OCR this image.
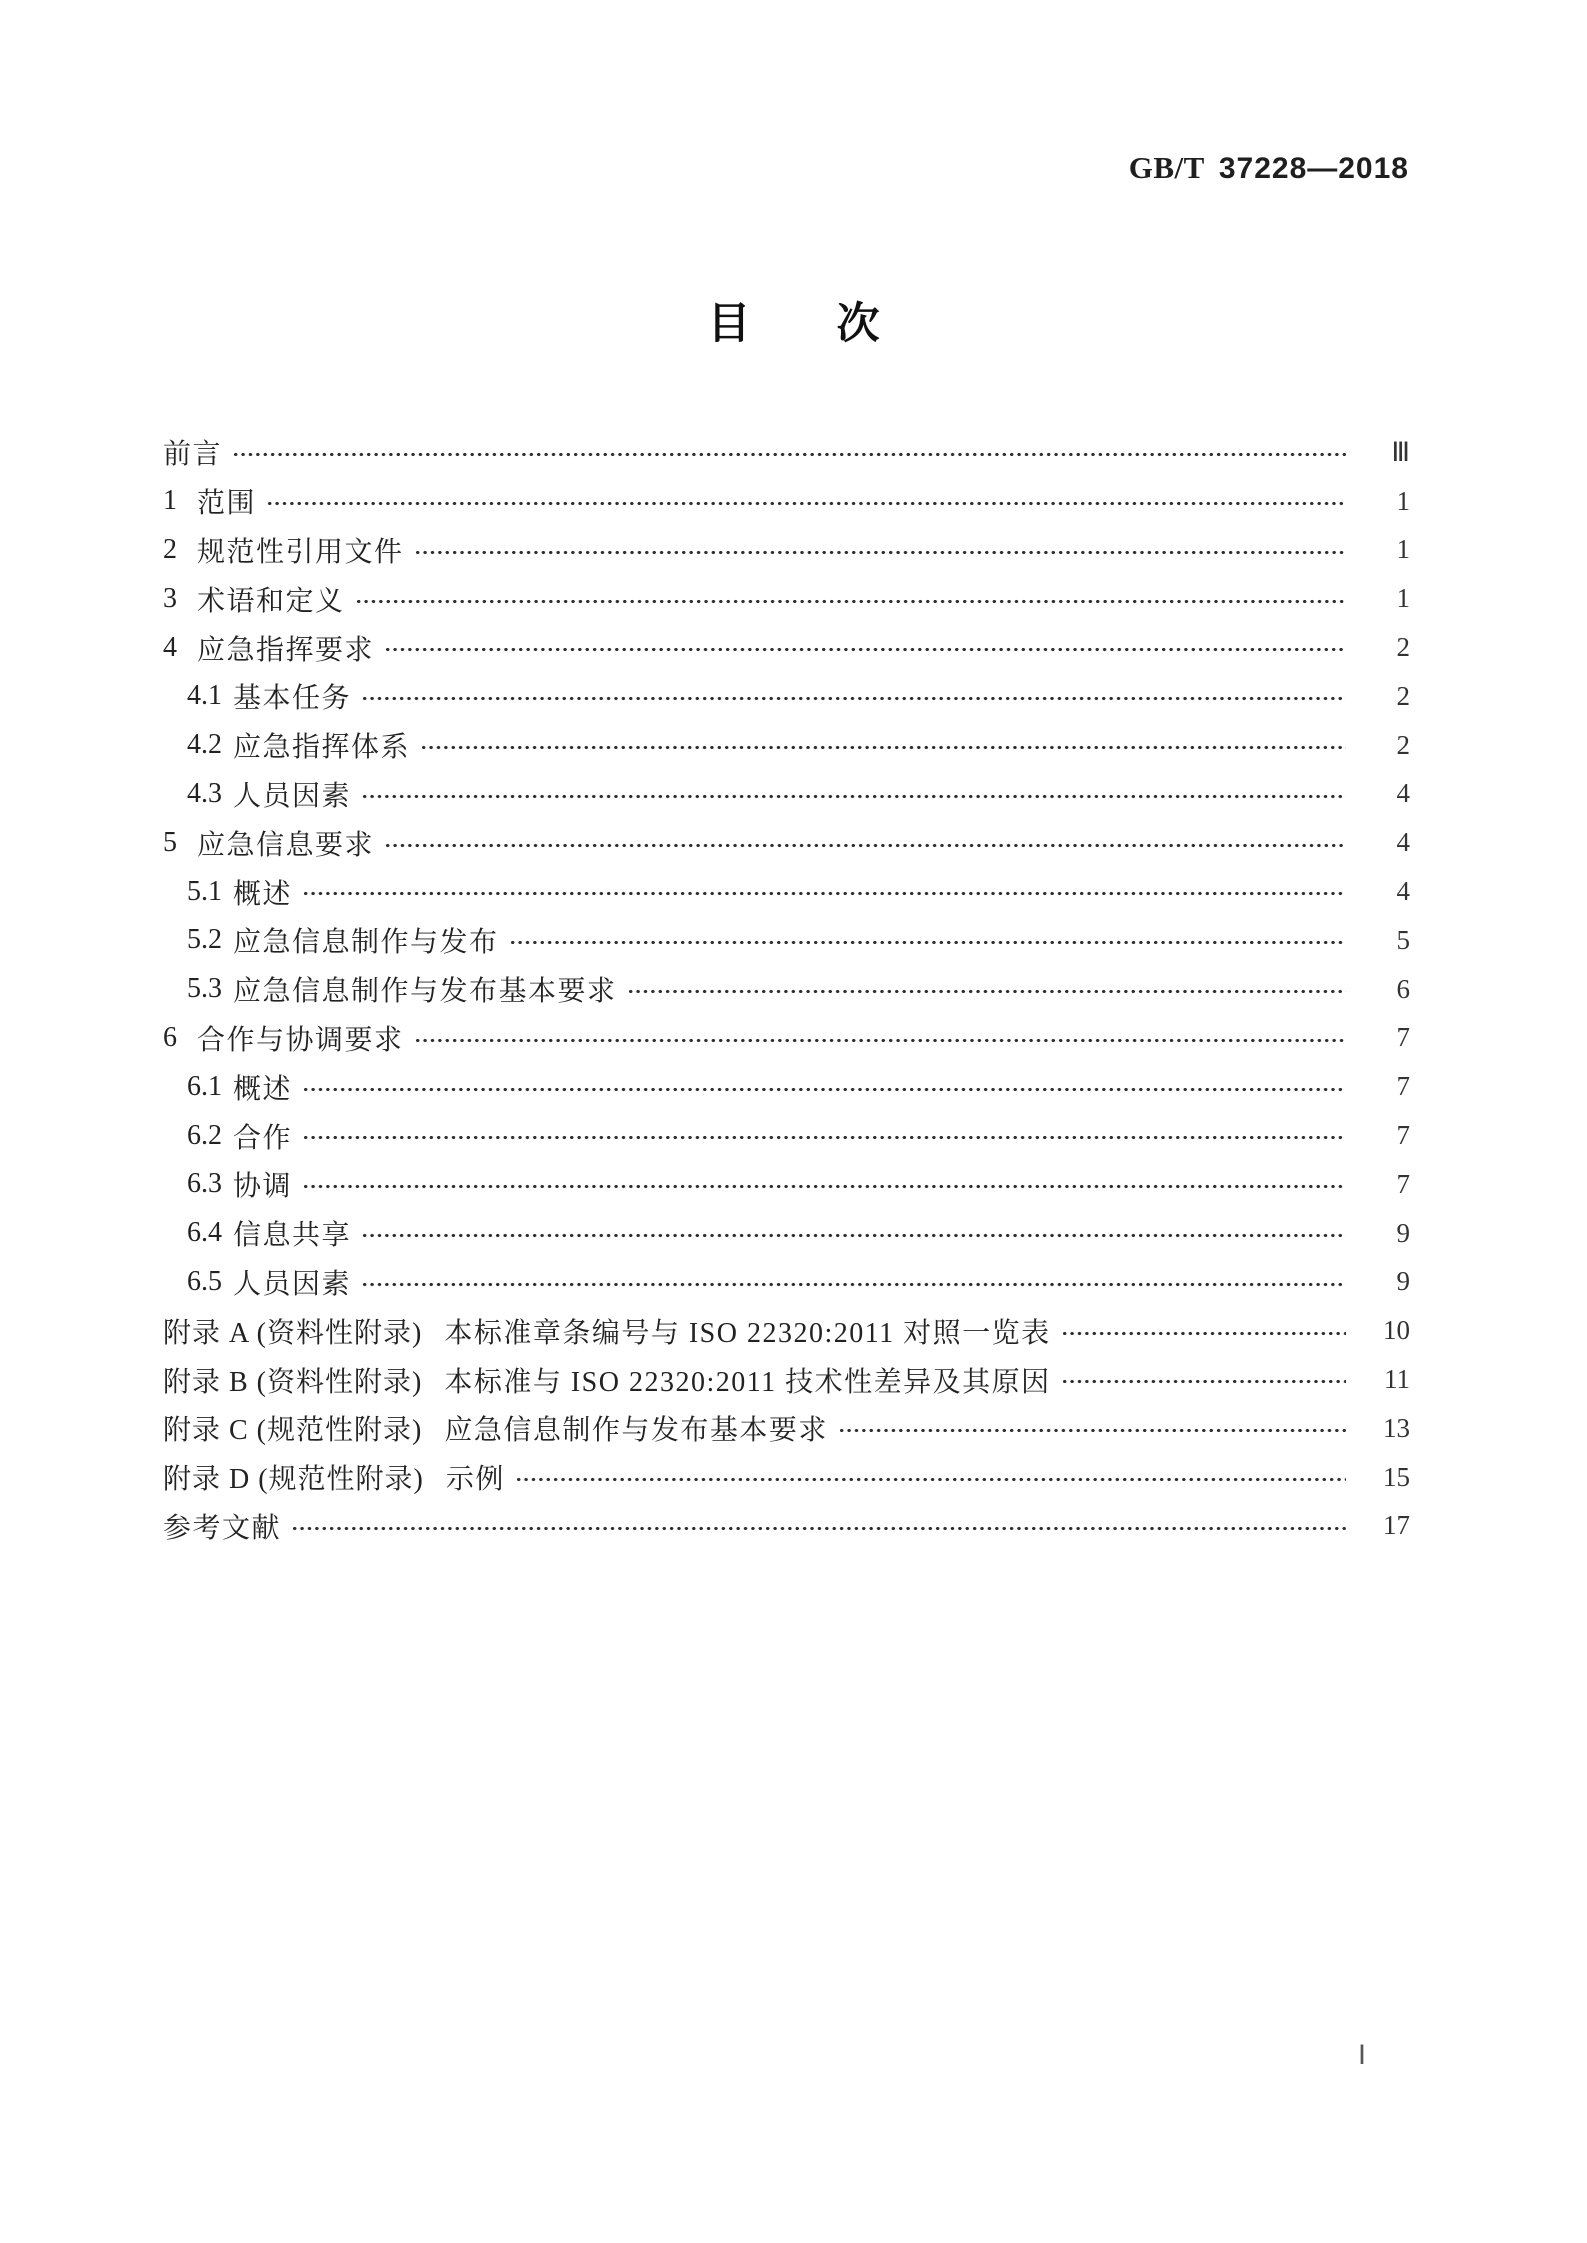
GB/T 37228—2018
目　　次
前言	Ⅲ
1 范围	1
2 规范性引用文件	1
3 术语和定义	1
4 应急指挥要求	2
4.1 基本任务	2
4.2 应急指挥体系	2
4.3 人员因素	4
5 应急信息要求	4
5.1 概述	4
5.2 应急信息制作与发布	5
5.3 应急信息制作与发布基本要求	6
6 合作与协调要求	7
6.1 概述	7
6.2 合作	7
6.3 协调	7
6.4 信息共享	9
6.5 人员因素	9
附录 A (资料性附录) 本标准章条编号与 ISO 22320:2011 对照一览表	10
附录 B (资料性附录) 本标准与 ISO 22320:2011 技术性差异及其原因	11
附录 C (规范性附录) 应急信息制作与发布基本要求	13
附录 D (规范性附录) 示例	15
参考文献	17
Ⅰ
